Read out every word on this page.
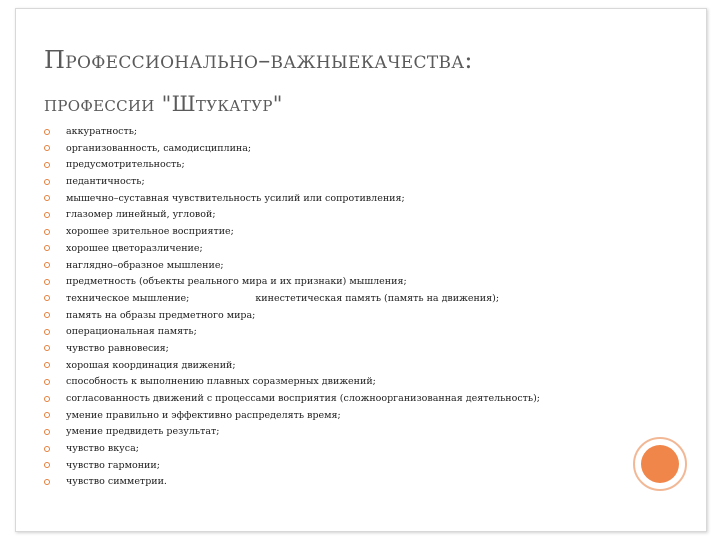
Профессионально–важныекачества:
профессии "Штукатур"
аккуратность;
организованность, самодисциплина;
предусмотрительность;
педантичность;
мышечно–суставная чувствительность усилий или сопротивления;
глазомер линейный, угловой;
хорошее зрительное восприятие;
хорошее цветоразличение;
наглядно–образное мышление;
предметность (объекты реального мира и их признаки) мышления;
техническое мышление;	кинестетическая память (память на движения);
память на образы предметного мира;
операциональная память;
чувство равновесия;
хорошая координация движений;
способность к выполнению плавных соразмерных движений;
согласованность движений с процессами восприятия (сложноорганизованная деятельность);
умение правильно и эффективно распределять время;
умение предвидеть результат;
чувство вкуса;
чувство гармонии;
чувство симметрии.
